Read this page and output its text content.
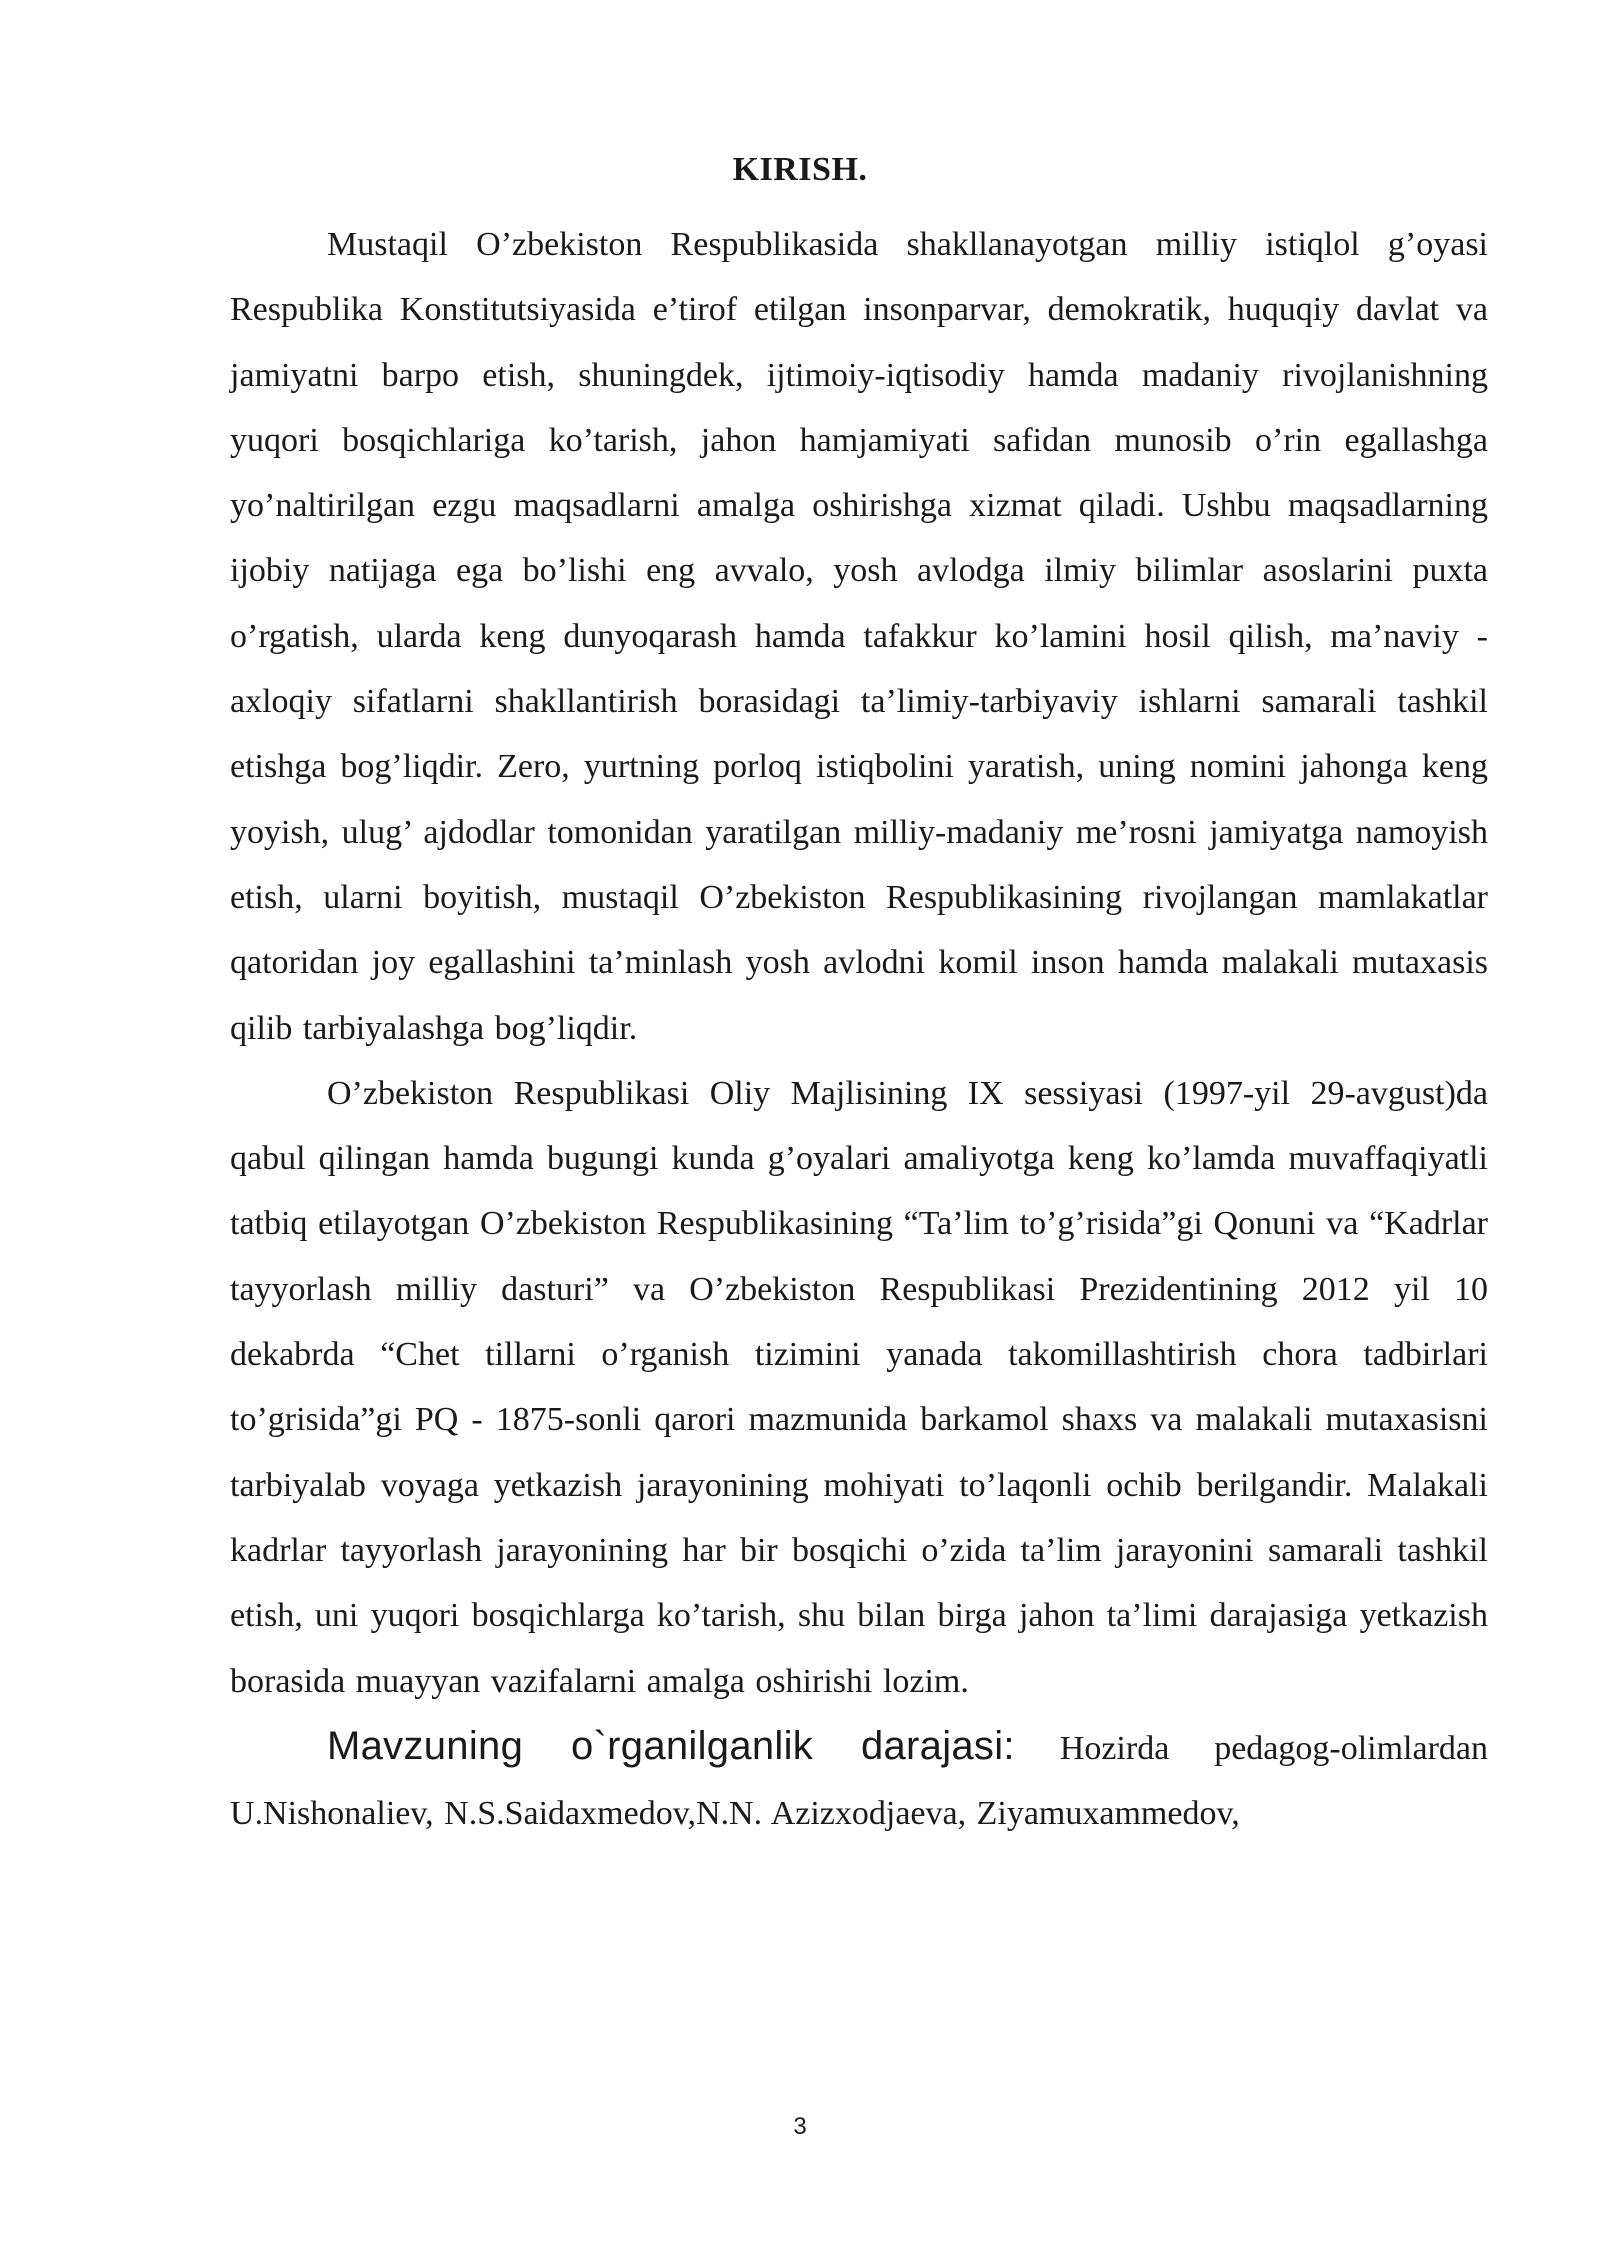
KIRISH.

Mustaqil O’zbekiston Respublikasida shakllanayotgan milliy istiqlol g’oyasi Respublika Konstitutsiyasida e’tirof etilgan insonparvar, demokratik, huquqiy davlat va jamiyatni barpo etish, shuningdek, ijtimoiy-iqtisodiy hamda madaniy rivojlanishning yuqori bosqichlariga ko’tarish, jahon hamjamiyati safidan munosib o’rin egallashga yo’naltirilgan ezgu maqsadlarni amalga oshirishga xizmat qiladi. Ushbu maqsadlarning ijobiy natijaga ega bo’lishi eng avvalo, yosh avlodga ilmiy bilimlar asoslarini puxta o’rgatish, ularda keng dunyoqarash hamda tafakkur ko’lamini hosil qilish, ma’naviy - axloqiy sifatlarni shakllantirish borasidagi ta’limiy-tarbiyaviy ishlarni samarali tashkil etishga bog’liqdir. Zero, yurtning porloq istiqbolini yaratish, uning nomini jahonga keng yoyish, ulug’ ajdodlar tomonidan yaratilgan milliy-madaniy me’rosni jamiyatga namoyish etish, ularni boyitish, mustaqil O’zbekiston Respublikasining rivojlangan mamlakatlar qatoridan joy egallashini ta’minlash yosh avlodni komil inson hamda malakali mutaxasis qilib tarbiyalashga bog’liqdir.

O’zbekiston Respublikasi Oliy Majlisining IX sessiyasi (1997-yil 29-avgust)da qabul qilingan hamda bugungi kunda g’oyalari amaliyotga keng ko’lamda muvaffaqiyatli tatbiq etilayotgan O’zbekiston Respublikasining “Ta’lim to’g’risida”gi Qonuni va “Kadrlar tayyorlash milliy dasturi” va O’zbekiston Respublikasi Prezidentining 2012 yil 10 dekabrda “Chet tillarni o’rganish tizimini yanada takomillashtirish chora tadbirlari to’grisida”gi PQ - 1875-sonli qarori mazmunida barkamol shaxs va malakali mutaxasisni tarbiyalab voyaga yetkazish jarayonining mohiyati to’laqonli ochib berilgandir. Malakali kadrlar tayyorlash jarayonining har bir bosqichi o’zida ta’lim jarayonini samarali tashkil etish, uni yuqori bosqichlarga ko’tarish, shu bilan birga jahon ta’limi darajasiga yetkazish borasida muayyan vazifalarni amalga oshirishi lozim.

Mavzuning o`rganilganlik darajasi: Hozirda pedagog-olimlardan U.Nishonaliev, N.S.Saidaxmedov,N.N. Azizxodjaeva, Ziyamuxammedov,

3
